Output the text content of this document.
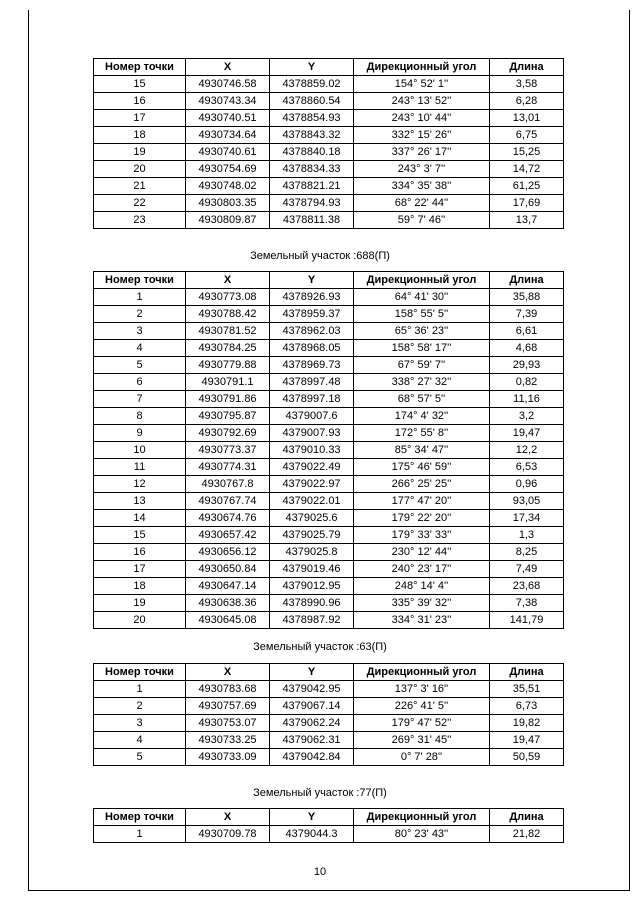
Номер точки	X	Y	Дирекционный угол	Длина
15	4930746.58	4378859.02	154° 52' 1''	3,58
16	4930743.34	4378860.54	243° 13' 52''	6,28
17	4930740.51	4378854.93	243° 10' 44''	13,01
18	4930734.64	4378843.32	332° 15' 26''	6,75
19	4930740.61	4378840.18	337° 26' 17''	15,25
20	4930754.69	4378834.33	243° 3' 7''	14,72
21	4930748.02	4378821.21	334° 35' 38''	61,25
22	4930803.35	4378794.93	68° 22' 44''	17,69
23	4930809.87	4378811.38	59° 7' 46''	13,7
Земельный участок :688(П)
Номер точки	X	Y	Дирекционный угол	Длина
1	4930773.08	4378926.93	64° 41' 30''	35,88
2	4930788.42	4378959.37	158° 55' 5''	7,39
3	4930781.52	4378962.03	65° 36' 23''	6,61
4	4930784.25	4378968.05	158° 58' 17''	4,68
5	4930779.88	4378969.73	67° 59' 7''	29,93
6	4930791.1	4378997.48	338° 27' 32''	0,82
7	4930791.86	4378997.18	68° 57' 5''	11,16
8	4930795.87	4379007.6	174° 4' 32''	3,2
9	4930792.69	4379007.93	172° 55' 8''	19,47
10	4930773.37	4379010.33	85° 34' 47''	12,2
11	4930774.31	4379022.49	175° 46' 59''	6,53
12	4930767.8	4379022.97	266° 25' 25''	0,96
13	4930767.74	4379022.01	177° 47' 20''	93,05
14	4930674.76	4379025.6	179° 22' 20''	17,34
15	4930657.42	4379025.79	179° 33' 33''	1,3
16	4930656.12	4379025.8	230° 12' 44''	8,25
17	4930650.84	4379019.46	240° 23' 17''	7,49
18	4930647.14	4379012.95	248° 14' 4''	23,68
19	4930638.36	4378990.96	335° 39' 32''	7,38
20	4930645.08	4378987.92	334° 31' 23''	141,79
Земельный участок :63(П)
Номер точки	X	Y	Дирекционный угол	Длина
1	4930783.68	4379042.95	137° 3' 16''	35,51
2	4930757.69	4379067.14	226° 41' 5''	6,73
3	4930753.07	4379062.24	179° 47' 52''	19,82
4	4930733.25	4379062.31	269° 31' 45''	19,47
5	4930733.09	4379042.84	0° 7' 28''	50,59
Земельный участок :77(П)
Номер точки	X	Y	Дирекционный угол	Длина
1	4930709.78	4379044.3	80° 23' 43''	21,82
10
